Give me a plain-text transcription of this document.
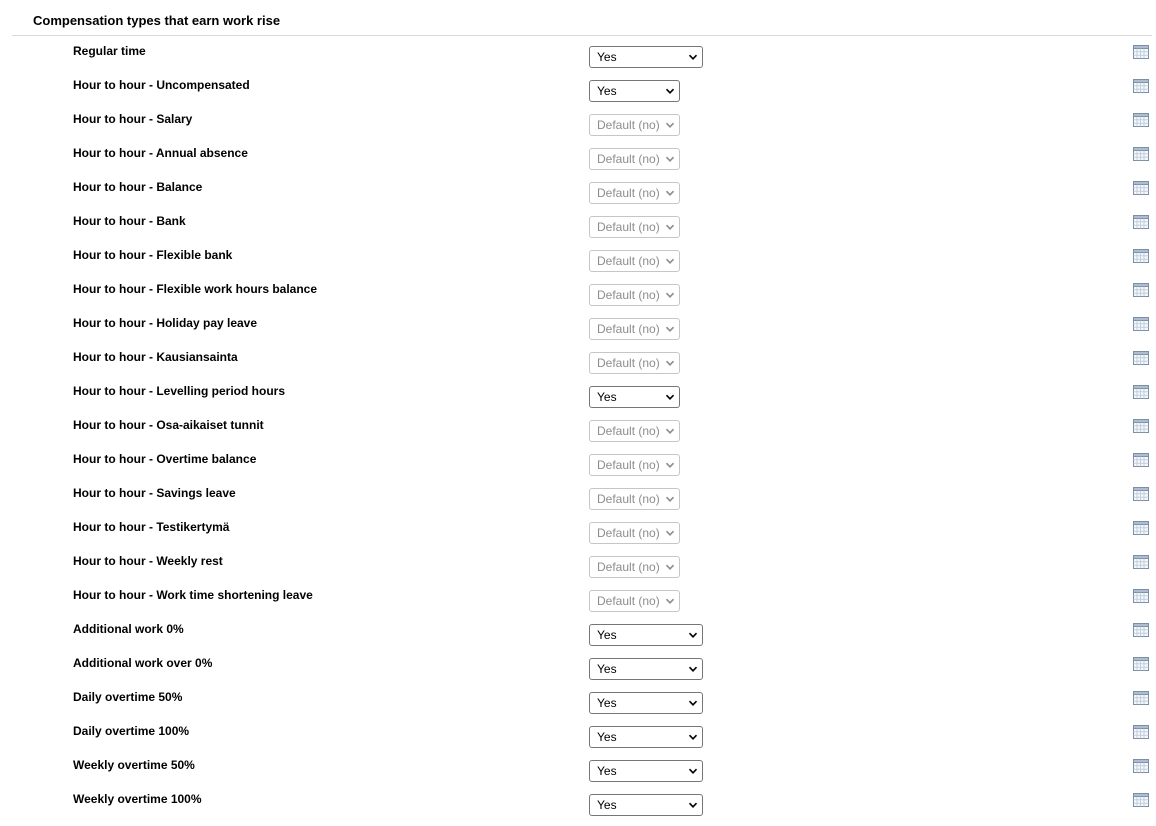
Compensation types that earn work rise
Regular time	Yes
Hour to hour - Uncompensated	Yes
Hour to hour - Salary	Default (no)
Hour to hour - Annual absence	Default (no)
Hour to hour - Balance	Default (no)
Hour to hour - Bank	Default (no)
Hour to hour - Flexible bank	Default (no)
Hour to hour - Flexible work hours balance	Default (no)
Hour to hour - Holiday pay leave	Default (no)
Hour to hour - Kausiansainta	Default (no)
Hour to hour - Levelling period hours	Yes
Hour to hour - Osa-aikaiset tunnit	Default (no)
Hour to hour - Overtime balance	Default (no)
Hour to hour - Savings leave	Default (no)
Hour to hour - Testikertymä	Default (no)
Hour to hour - Weekly rest	Default (no)
Hour to hour - Work time shortening leave	Default (no)
Additional work 0%	Yes
Additional work over 0%	Yes
Daily overtime 50%	Yes
Daily overtime 100%	Yes
Weekly overtime 50%	Yes
Weekly overtime 100%	Yes
